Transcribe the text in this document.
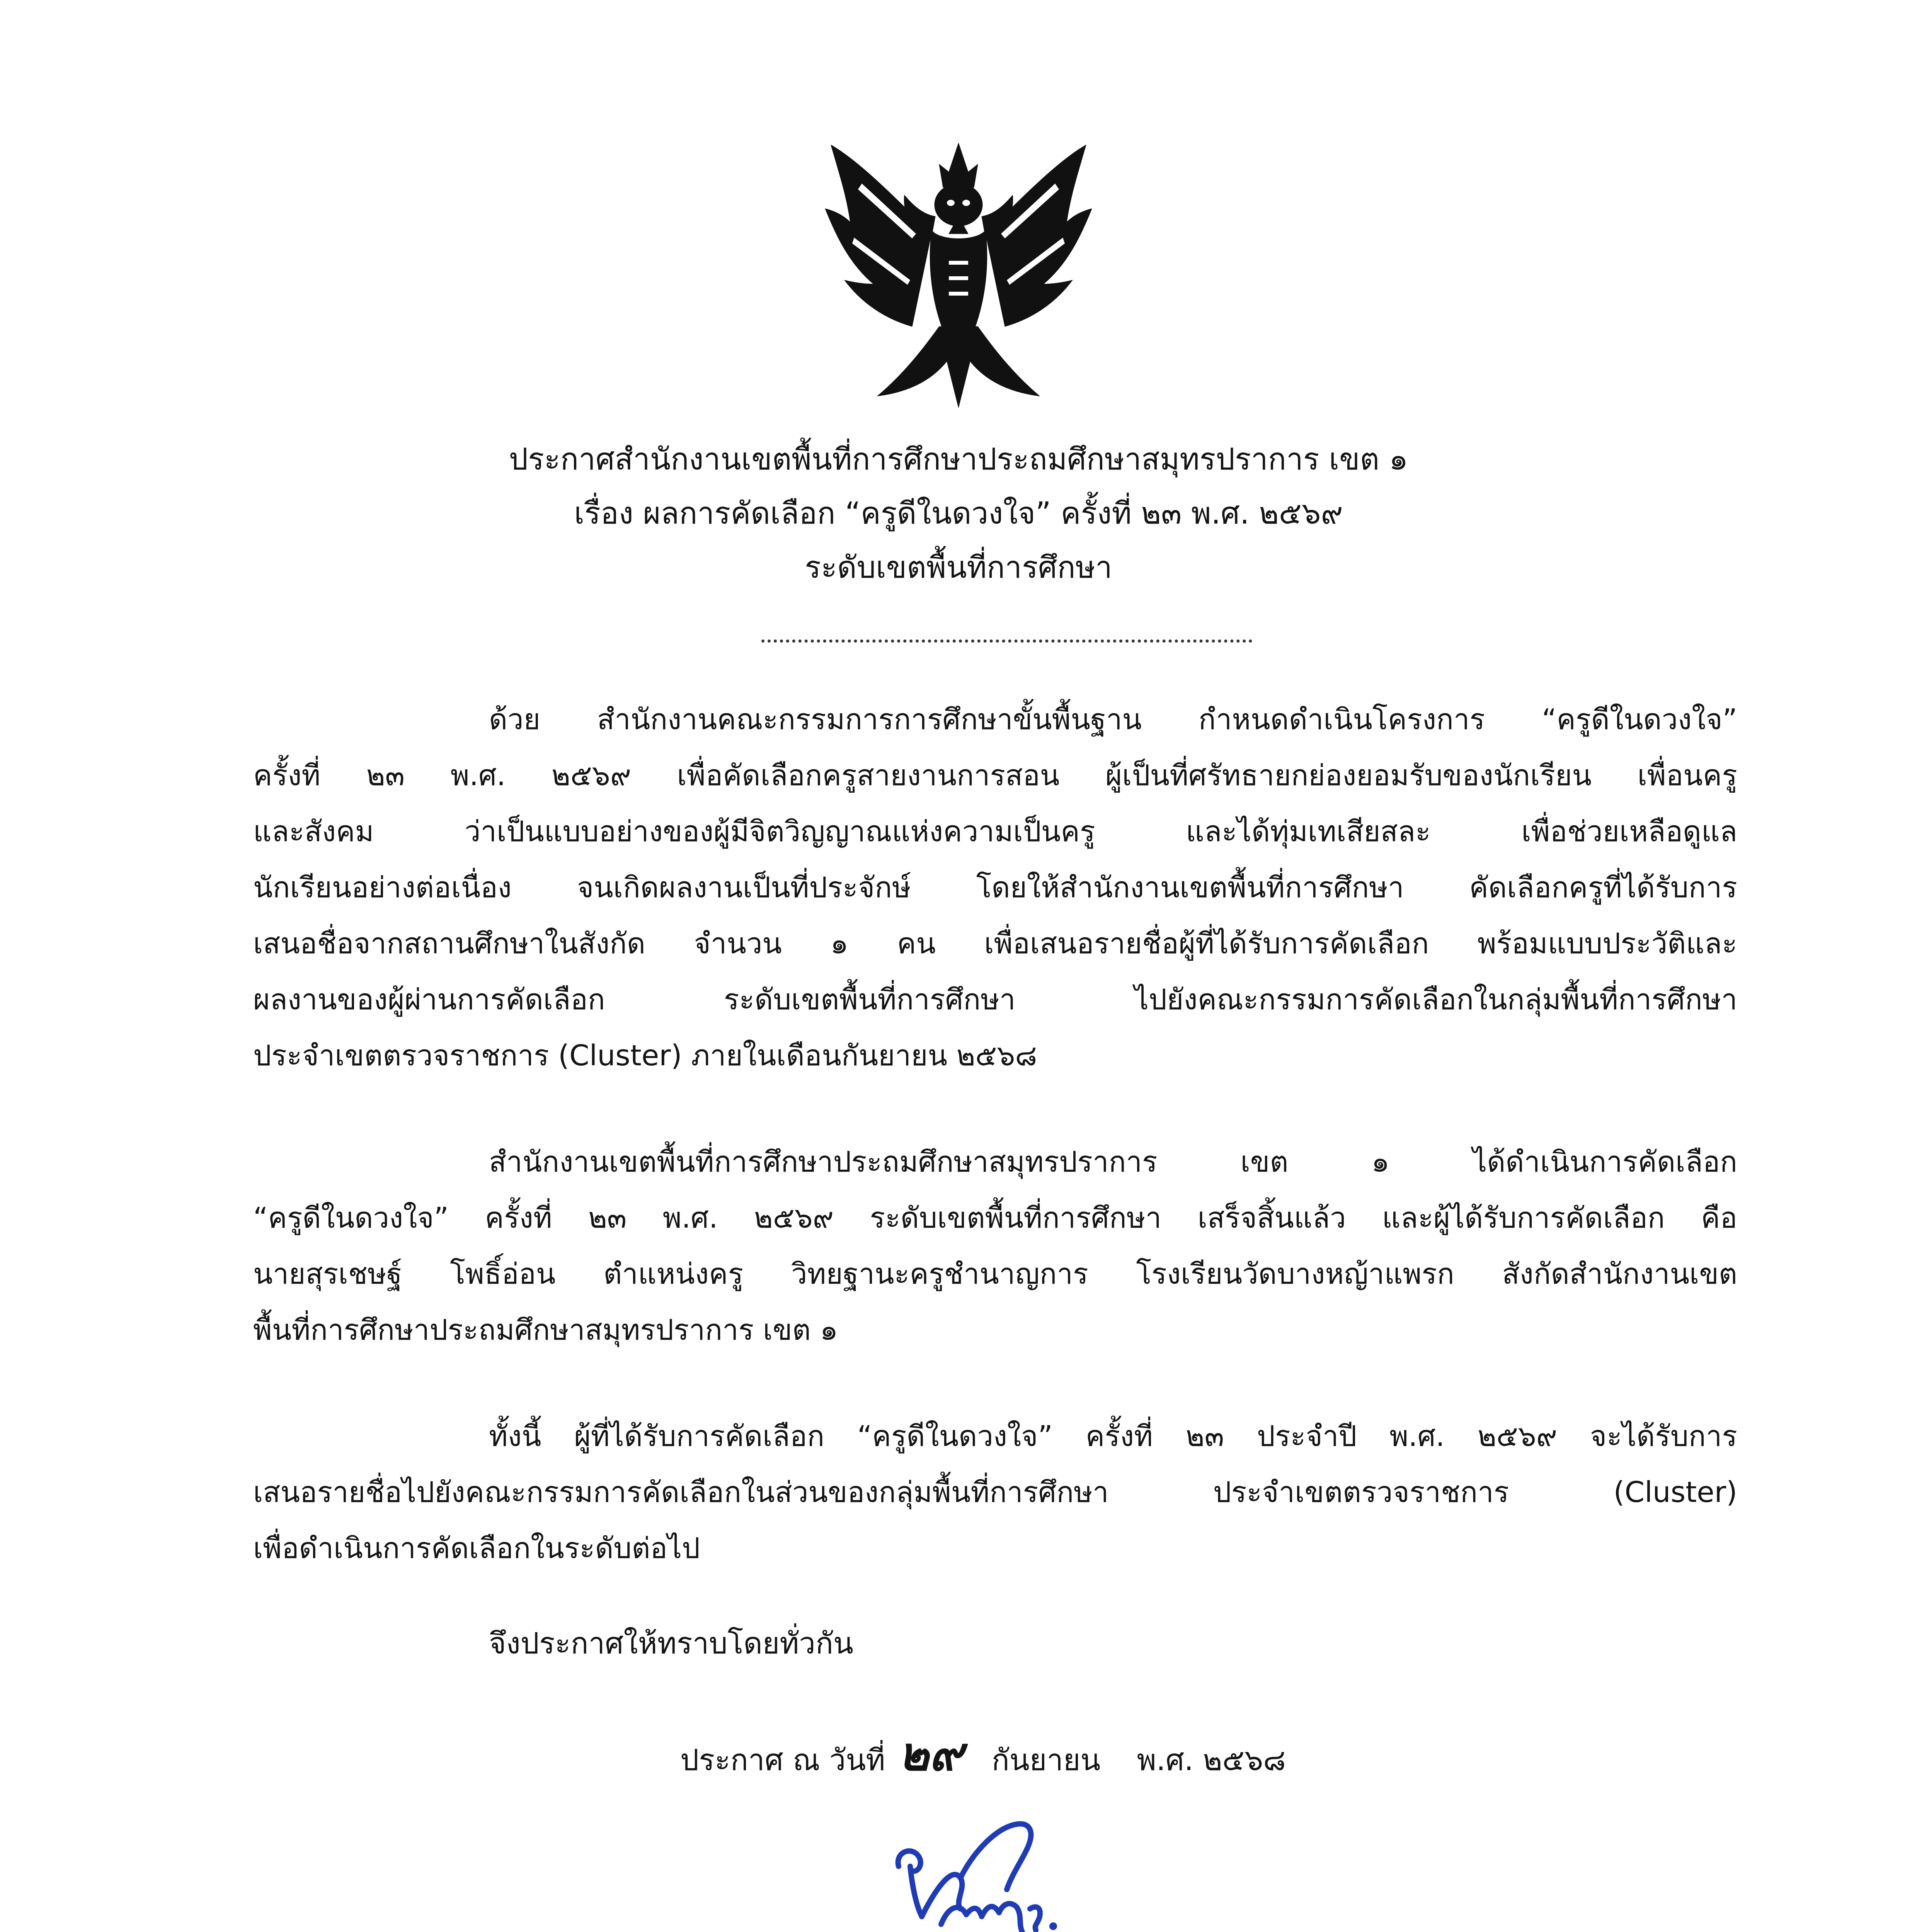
ประกาศสำนักงานเขตพื้นที่การศึกษาประถมศึกษาสมุทรปราการ เขต ๑
เรื่อง ผลการคัดเลือก “ครูดีในดวงใจ” ครั้งที่ ๒๓ พ.ศ. ๒๕๖๙
ระดับเขตพื้นที่การศึกษา
ด้วย สำนักงานคณะกรรมการการศึกษาขั้นพื้นฐาน กำหนดดำเนินโครงการ “ครูดีในดวงใจ”
ครั้งที่ ๒๓ พ.ศ. ๒๕๖๙ เพื่อคัดเลือกครูสายงานการสอน ผู้เป็นที่ศรัทธายกย่องยอมรับของนักเรียน เพื่อนครู
และสังคม ว่าเป็นแบบอย่างของผู้มีจิตวิญญาณแห่งความเป็นครู และได้ทุ่มเทเสียสละ เพื่อช่วยเหลือดูแล
นักเรียนอย่างต่อเนื่อง จนเกิดผลงานเป็นที่ประจักษ์ โดยให้สำนักงานเขตพื้นที่การศึกษา คัดเลือกครูที่ได้รับการ
เสนอชื่อจากสถานศึกษาในสังกัด จำนวน ๑ คน เพื่อเสนอรายชื่อผู้ที่ได้รับการคัดเลือก พร้อมแบบประวัติและ
ผลงานของผู้ผ่านการคัดเลือก ระดับเขตพื้นที่การศึกษา ไปยังคณะกรรมการคัดเลือกในกลุ่มพื้นที่การศึกษา
ประจำเขตตรวจราชการ (Cluster) ภายในเดือนกันยายน ๒๕๖๘
สำนักงานเขตพื้นที่การศึกษาประถมศึกษาสมุทรปราการ เขต ๑ ได้ดำเนินการคัดเลือก
“ครูดีในดวงใจ” ครั้งที่ ๒๓ พ.ศ. ๒๕๖๙ ระดับเขตพื้นที่การศึกษา เสร็จสิ้นแล้ว และผู้ได้รับการคัดเลือก คือ
นายสุรเชษฐ์ โพธิ์อ่อน ตำแหน่งครู วิทยฐานะครูชำนาญการ โรงเรียนวัดบางหญ้าแพรก สังกัดสำนักงานเขต
พื้นที่การศึกษาประถมศึกษาสมุทรปราการ เขต ๑
ทั้งนี้ ผู้ที่ได้รับการคัดเลือก “ครูดีในดวงใจ” ครั้งที่ ๒๓ ประจำปี พ.ศ. ๒๕๖๙ จะได้รับการ
เสนอรายชื่อไปยังคณะกรรมการคัดเลือกในส่วนของกลุ่มพื้นที่การศึกษา ประจำเขตตรวจราชการ (Cluster)
เพื่อดำเนินการคัดเลือกในระดับต่อไป
จึงประกาศให้ทราบโดยทั่วกัน
ประกาศ ณ วันที่ ๒๙ กันยายน พ.ศ. ๒๕๖๘
